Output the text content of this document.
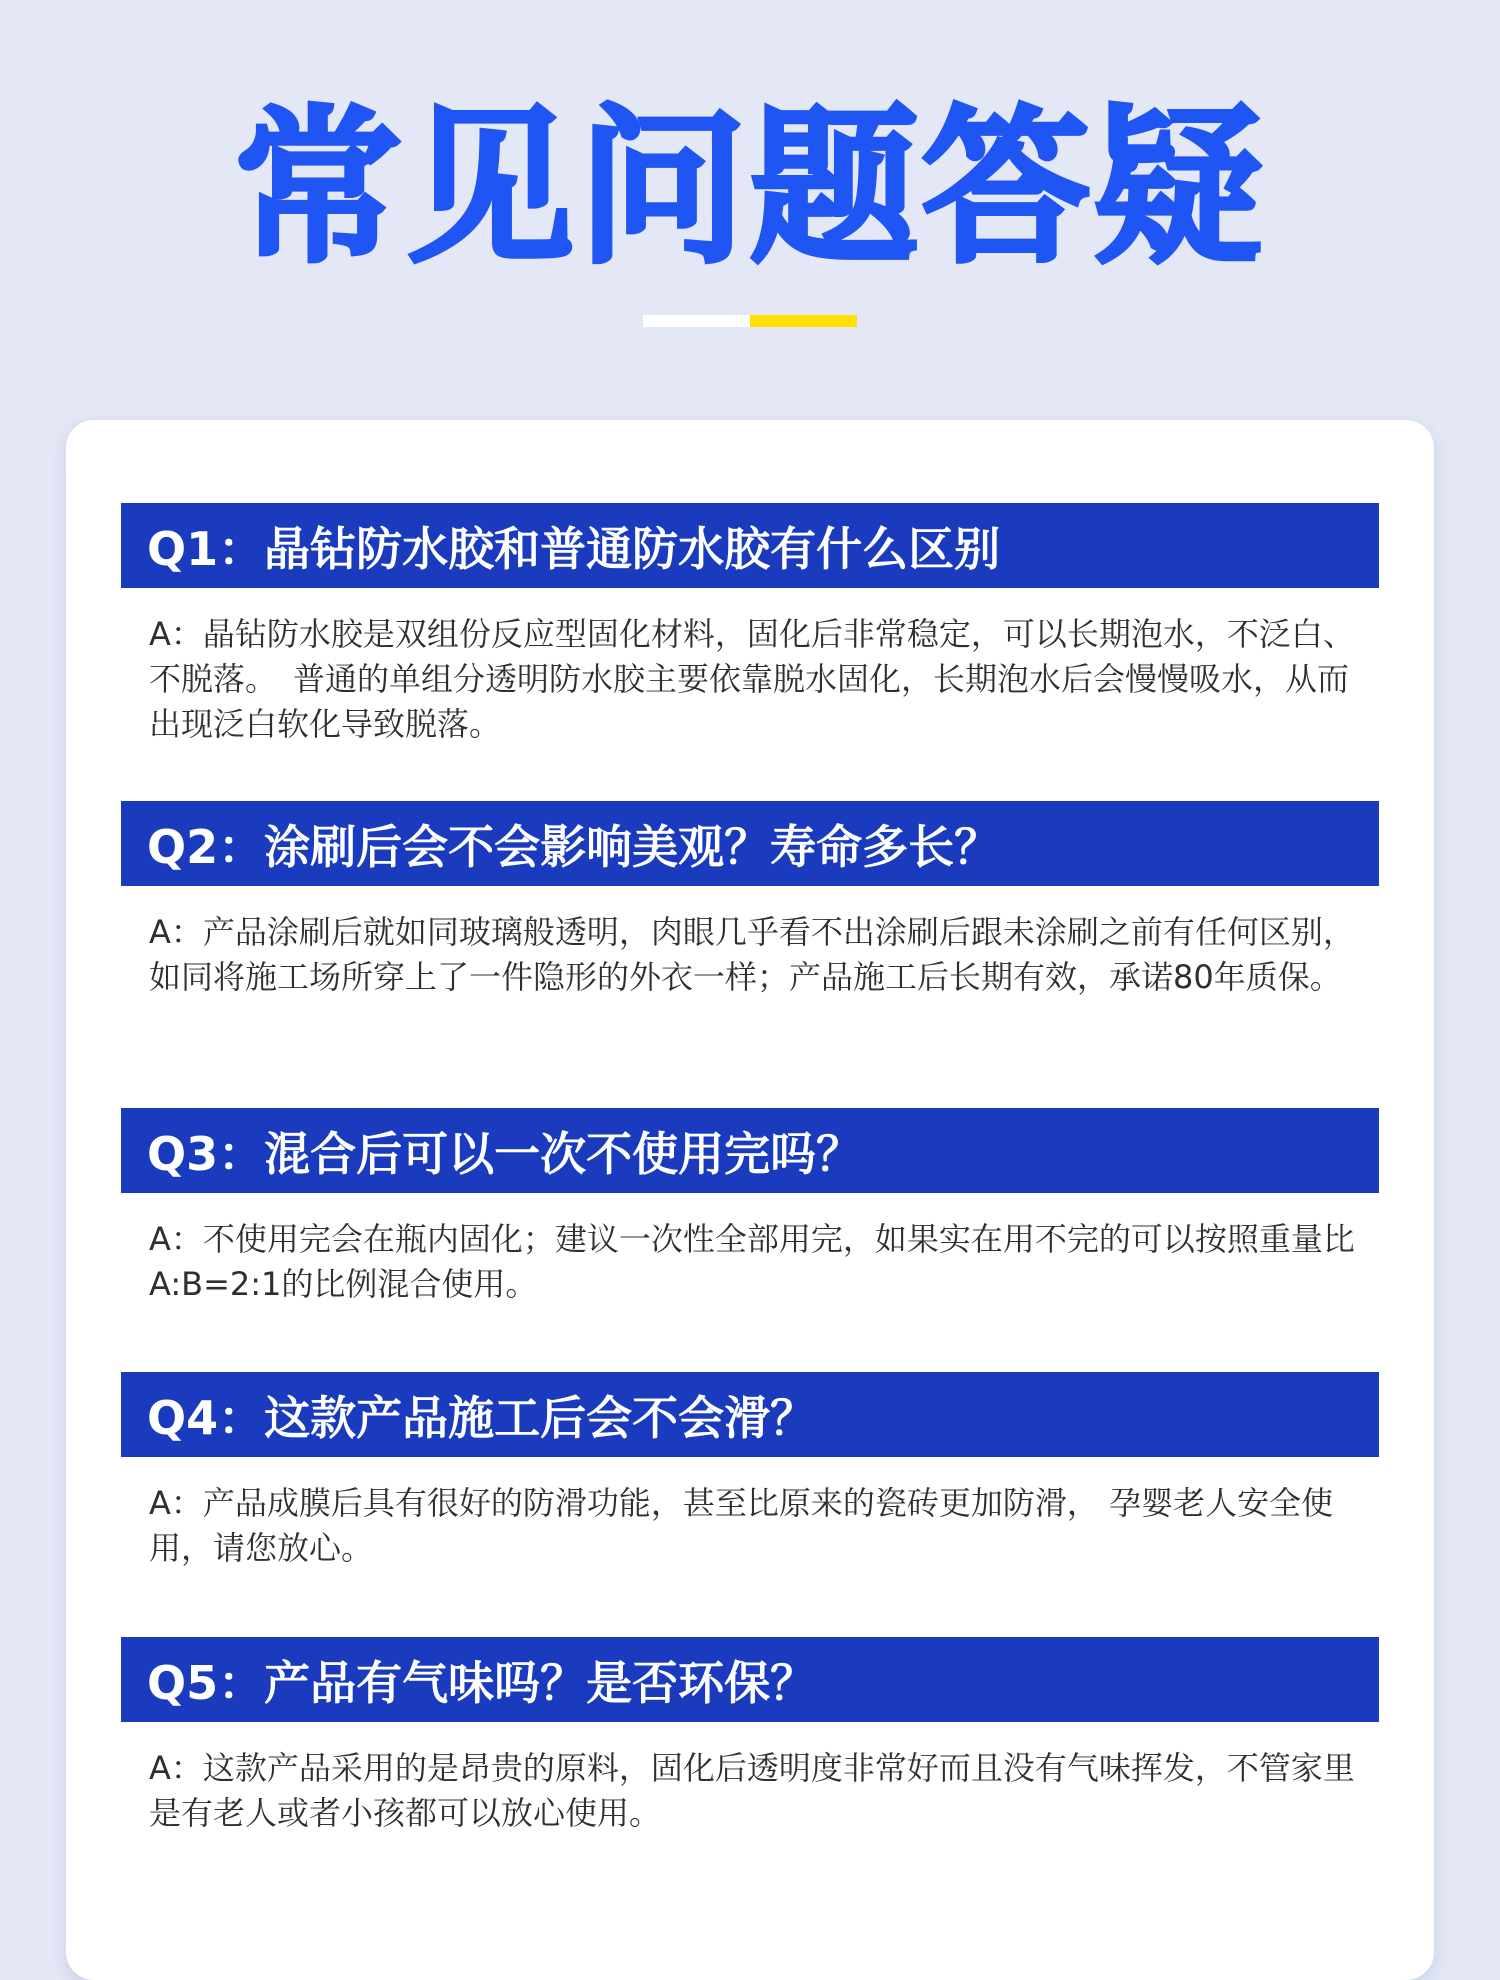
常见问题答疑
Q1：晶钻防水胶和普通防水胶有什么区别

A：晶钻防水胶是双组份反应型固化材料，固化后非常稳定，可以长期泡水，不泛白、不脱落。　普通的单组分透明防水胶主要依靠脱水固化，长期泡水后会慢慢吸水，从而出现泛白软化导致脱落。

Q2：涂刷后会不会影响美观？寿命多长？

A：产品涂刷后就如同玻璃般透明，肉眼几乎看不出涂刷后跟未涂刷之前有任何区别，如同将施工场所穿上了一件隐形的外衣一样；产品施工后长期有效，承诺80年质保。

Q3：混合后可以一次不使用完吗？

A：不使用完会在瓶内固化；建议一次性全部用完，如果实在用不完的可以按照重量比A:B=2:1的比例混合使用。

Q4：这款产品施工后会不会滑？

A：产品成膜后具有很好的防滑功能，甚至比原来的瓷砖更加防滑， 孕婴老人安全使用，请您放心。

Q5：产品有气味吗？是否环保？

A：这款产品采用的是昂贵的原料，固化后透明度非常好而且没有气味挥发，不管家里是有老人或者小孩都可以放心使用。
